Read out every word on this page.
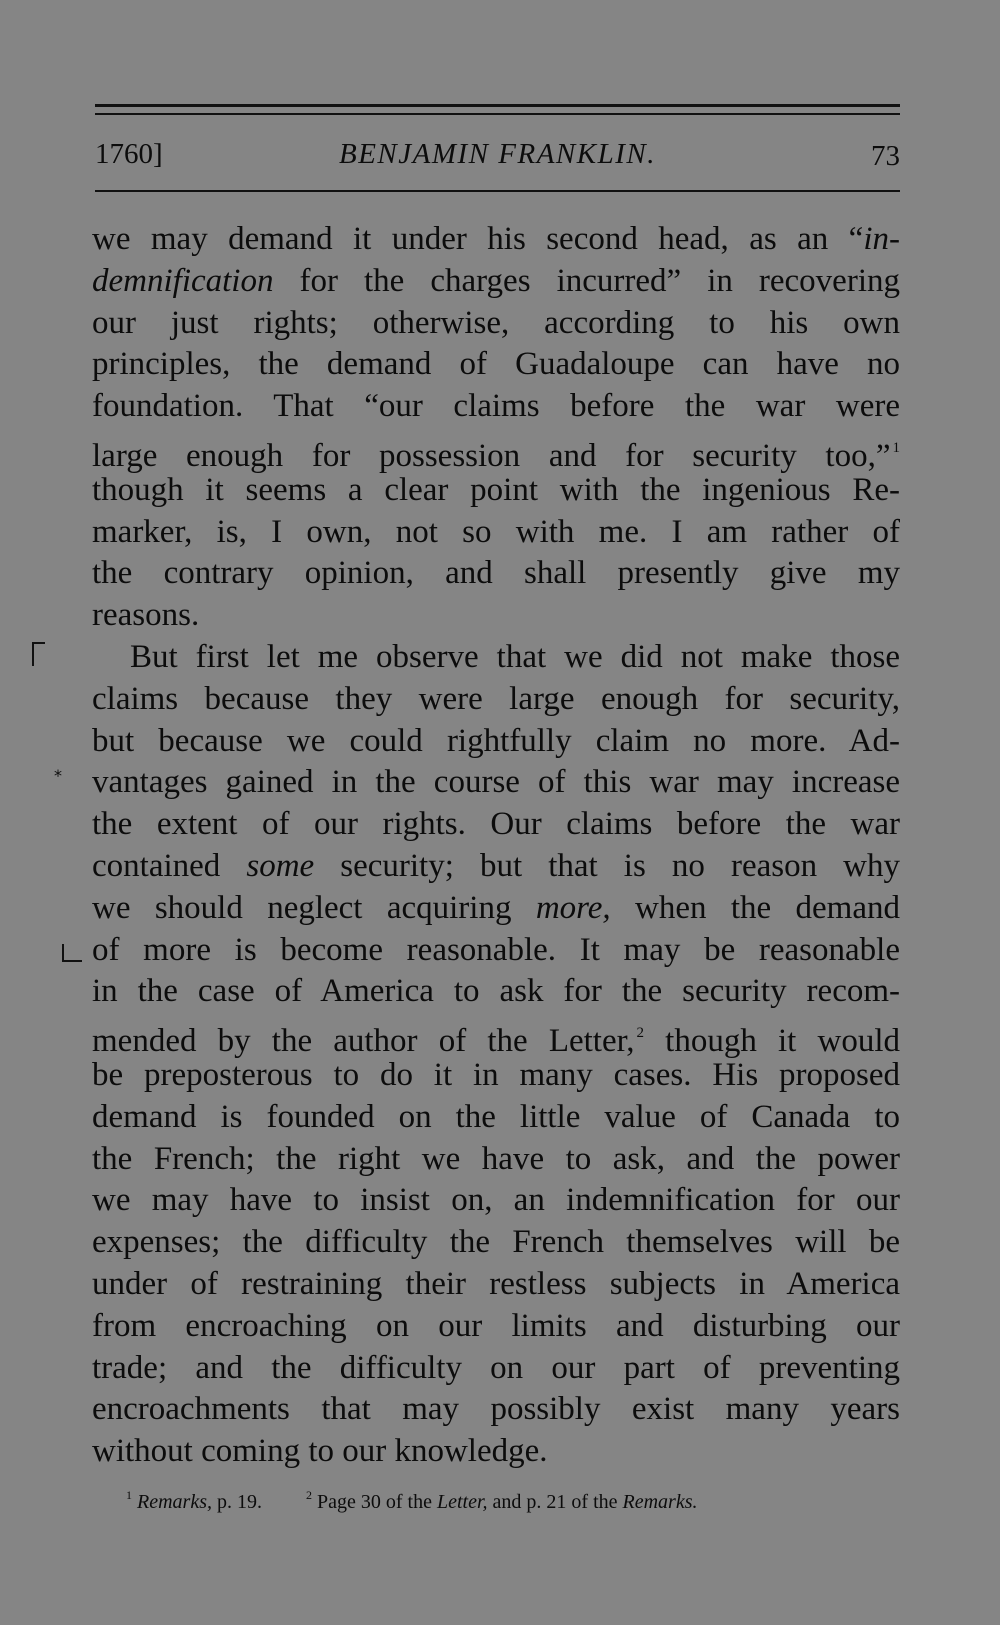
1760]	BENJAMIN FRANKLIN.	73
*
we may demand it under his second head, as an “in-
demnification for the charges incurred” in recovering
our just rights; otherwise, according to his own
principles, the demand of Guadaloupe can have no
foundation. That “our claims before the war were
large enough for possession and for security too,” $^1$
though it seems a clear point with the ingenious Re-
marker, is, I own, not so with me. I am rather of
the contrary opinion, and shall presently give my
reasons.
But first let me observe that we did not make those
claims because they were large enough for security,
but because we could rightfully claim no more. Ad-
vantages gained in the course of this war may increase
the extent of our rights. Our claims before the war
contained some security; but that is no reason why
we should neglect acquiring more, when the demand
of more is become reasonable. It may be reasonable
in the case of America to ask for the security recom-
mended by the author of the Letter, $^2$ though it would
be preposterous to do it in many cases. His proposed
demand is founded on the little value of Canada to
the French; the right we have to ask, and the power
we may have to insist on, an indemnification for our
expenses; the difficulty the French themselves will be
under of restraining their restless subjects in America
from encroaching on our limits and disturbing our
trade; and the difficulty on our part of preventing
encroachments that may possibly exist many years
without coming to our knowledge.
$^1$ Remarks, p. 19.	$^2$ Page 30 of the Letter, and p. 21 of the Remarks.
